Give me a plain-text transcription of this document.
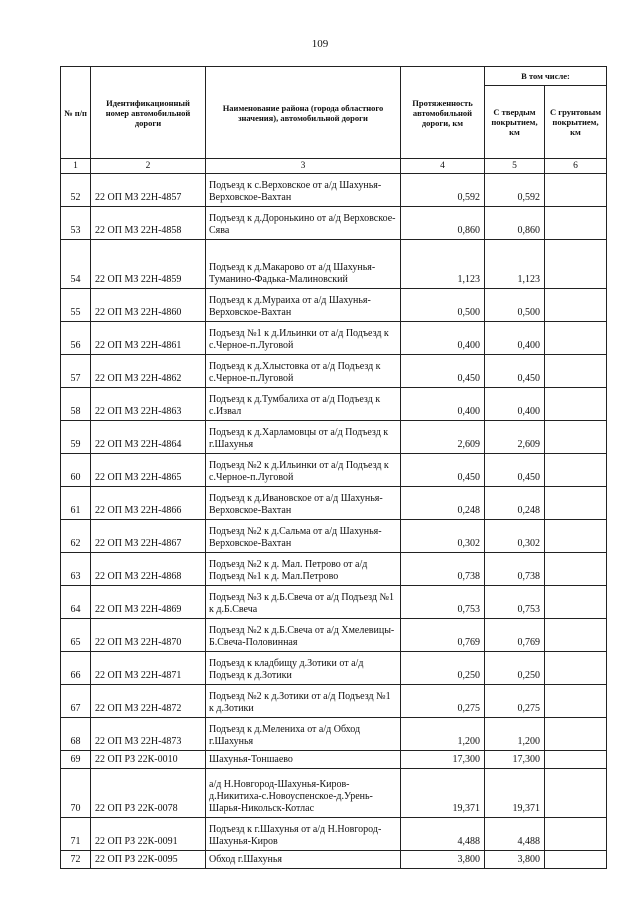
109
№ п/п	Идентификационный номер автомобильной дороги	Наименование района (города областного значения), автомобильной дороги	Протяженность автомобильной дороги, км	В том числе:	
				С твердым покрытием, км	С грунтовым покрытием, км
1	2	3	4	5	6
52	22 ОП МЗ 22Н-4857	Подъезд к с.Верховское от а/д Шахунья-Верховское-Вахтан	0,592	0,592	
53	22 ОП МЗ 22Н-4858	Подъезд к д.Доронькино от а/д Верховское-Сява	0,860	0,860	
54	22 ОП МЗ 22Н-4859	Подъезд к д.Макарово от а/д Шахунья-Туманино-Фадька-Малиновский	1,123	1,123	
55	22 ОП МЗ 22Н-4860	Подъезд к д.Мураиха от а/д Шахунья-Верховское-Вахтан	0,500	0,500	
56	22 ОП МЗ 22Н-4861	Подъезд №1 к д.Ильинки от а/д Подъезд к с.Черное-п.Луговой	0,400	0,400	
57	22 ОП МЗ 22Н-4862	Подъезд к д.Хлыстовка от а/д Подъезд к с.Черное-п.Луговой	0,450	0,450	
58	22 ОП МЗ 22Н-4863	Подъезд к д.Тумбалиха от а/д Подъезд к с.Извал	0,400	0,400	
59	22 ОП МЗ 22Н-4864	Подъезд к д.Харламовцы от а/д Подъезд к г.Шахунья	2,609	2,609	
60	22 ОП МЗ 22Н-4865	Подъезд №2 к д.Ильинки от а/д Подъезд к с.Черное-п.Луговой	0,450	0,450	
61	22 ОП МЗ 22Н-4866	Подъезд к д.Ивановское от а/д Шахунья-Верховское-Вахтан	0,248	0,248	
62	22 ОП МЗ 22Н-4867	Подъезд №2 к д.Сальма от а/д Шахунья-Верховское-Вахтан	0,302	0,302	
63	22 ОП МЗ 22Н-4868	Подъезд №2 к д. Мал. Петрово от а/д Подъезд №1 к д. Мал.Петрово	0,738	0,738	
64	22 ОП МЗ 22Н-4869	Подъезд №3 к д.Б.Свеча от а/д Подъезд №1 к д.Б.Свеча	0,753	0,753	
65	22 ОП МЗ 22Н-4870	Подъезд №2 к д.Б.Свеча от а/д Хмелевицы-Б.Свеча-Половинная	0,769	0,769	
66	22 ОП МЗ 22Н-4871	Подъезд к кладбищу д.Зотики от а/д Подъезд к д.Зотики	0,250	0,250	
67	22 ОП МЗ 22Н-4872	Подъезд №2 к д.Зотики от а/д Подъезд №1 к д.Зотики	0,275	0,275	
68	22 ОП МЗ 22Н-4873	Подъезд к д.Мелениха от а/д Обход г.Шахунья	1,200	1,200	
69	22 ОП РЗ 22К-0010	Шахунья-Тоншаево	17,300	17,300	
70	22 ОП РЗ 22К-0078	а/д Н.Новгород-Шахунья-Киров-д.Никитиха-с.Новоуспенское-д.Урень-Шарья-Никольск-Котлас	19,371	19,371	
71	22 ОП РЗ 22К-0091	Подъезд к г.Шахунья от а/д Н.Новгород-Шахунья-Киров	4,488	4,488	
72	22 ОП РЗ 22К-0095	Обход г.Шахунья	3,800	3,800	
